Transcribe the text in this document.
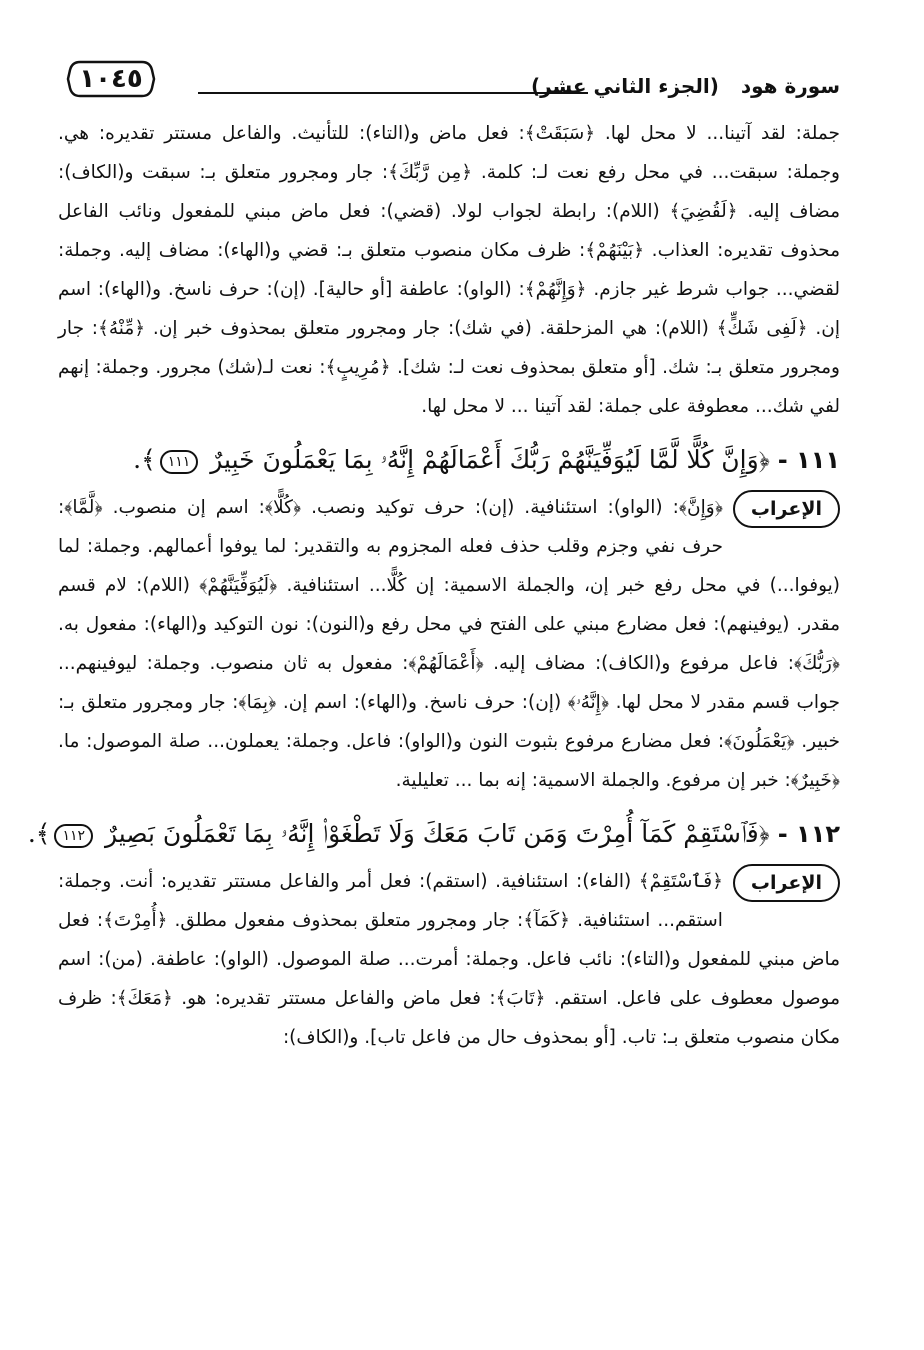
١٠٤٥	سورة هود(الجزء الثاني عشر)

جملة: لقد آتينا... لا محل لها. ﴿سَبَقَتْ﴾: فعل ماض و(التاء): للتأنيث. والفاعل مستتر تقديره: هي. وجملة: سبقت... في محل رفع نعت لـ: كلمة. ﴿مِن رَّبِّكَ﴾: جار ومجرور متعلق بـ: سبقت و(الكاف): مضاف إليه. ﴿لَقُضِيَ﴾ (اللام): رابطة لجواب لولا. (قضي): فعل ماض مبني للمفعول ونائب الفاعل محذوف تقديره: العذاب. ﴿بَيْنَهُمْ﴾: ظرف مكان منصوب متعلق بـ: قضي و(الهاء): مضاف إليه. وجملة: لقضي... جواب شرط غير جازم. ﴿وَإِنَّهُمْ﴾: (الواو): عاطفة [أو حالية]. (إن): حرف ناسخ. و(الهاء): اسم إن. ﴿لَفِى شَكٍّ﴾ (اللام): هي المزحلقة. (في شك): جار ومجرور متعلق بمحذوف خبر إن. ﴿مِّنْهُ﴾: جار ومجرور متعلق بـ: شك. [أو متعلق بمحذوف نعت لـ: شك]. ﴿مُرِيبٍ﴾: نعت لـ(شك) مجرور. وجملة: إنهم لفي شك... معطوفة على جملة: لقد آتينا ... لا محل لها.

١١١ - ﴿وَإِنَّ كُلًّا لَّمَّا لَيُوَفِّيَنَّهُمْ رَبُّكَ أَعْمَالَهُمْ إِنَّهُۥ بِمَا يَعْمَلُونَ خَبِيرٌ ١١١﴾.
الإعراب

﴿وَإِنَّ﴾: (الواو): استئنافية. (إن): حرف توكيد ونصب. ﴿كُلًّا﴾: اسم إن منصوب. ﴿لَّمَّا﴾: حرف نفي وجزم وقلب حذف فعله المجزوم به والتقدير: لما يوفوا أعمالهم. وجملة: لما (يوفوا...) في محل رفع خبر إن، والجملة الاسمية: إن كُلًّا... استئنافية. ﴿لَيُوَفِّيَنَّهُمْ﴾ (اللام): لام قسم مقدر. (يوفينهم): فعل مضارع مبني على الفتح في محل رفع و(النون): نون التوكيد و(الهاء): مفعول به. ﴿رَبُّكَ﴾: فاعل مرفوع و(الكاف): مضاف إليه. ﴿أَعْمَالَهُمْ﴾: مفعول به ثان منصوب. وجملة: ليوفينهم... جواب قسم مقدر لا محل لها. ﴿إِنَّهُۥ﴾ (إن): حرف ناسخ. و(الهاء): اسم إن. ﴿بِمَا﴾: جار ومجرور متعلق بـ: خبير. ﴿يَعْمَلُونَ﴾: فعل مضارع مرفوع بثبوت النون و(الواو): فاعل. وجملة: يعملون... صلة الموصول: ما. ﴿خَبِيرٌ﴾: خبر إن مرفوع. والجملة الاسمية: إنه بما ... تعليلية.

١١٢ - ﴿فَٱسْتَقِمْ كَمَآ أُمِرْتَ وَمَن تَابَ مَعَكَ وَلَا تَطْغَوْا۟ إِنَّهُۥ بِمَا تَعْمَلُونَ بَصِيرٌ ١١٢﴾.
الإعراب

﴿فَٱسْتَقِمْ﴾ (الفاء): استئنافية. (استقم): فعل أمر والفاعل مستتر تقديره: أنت. وجملة: استقم... استئنافية. ﴿كَمَآ﴾: جار ومجرور متعلق بمحذوف مفعول مطلق. ﴿أُمِرْتَ﴾: فعل ماض مبني للمفعول و(التاء): نائب فاعل. وجملة: أمرت... صلة الموصول. (الواو): عاطفة. (من): اسم موصول معطوف على فاعل. استقم. ﴿تَابَ﴾: فعل ماض والفاعل مستتر تقديره: هو. ﴿مَعَكَ﴾: ظرف مكان منصوب متعلق بـ: تاب. [أو بمحذوف حال من فاعل تاب]. و(الكاف):
